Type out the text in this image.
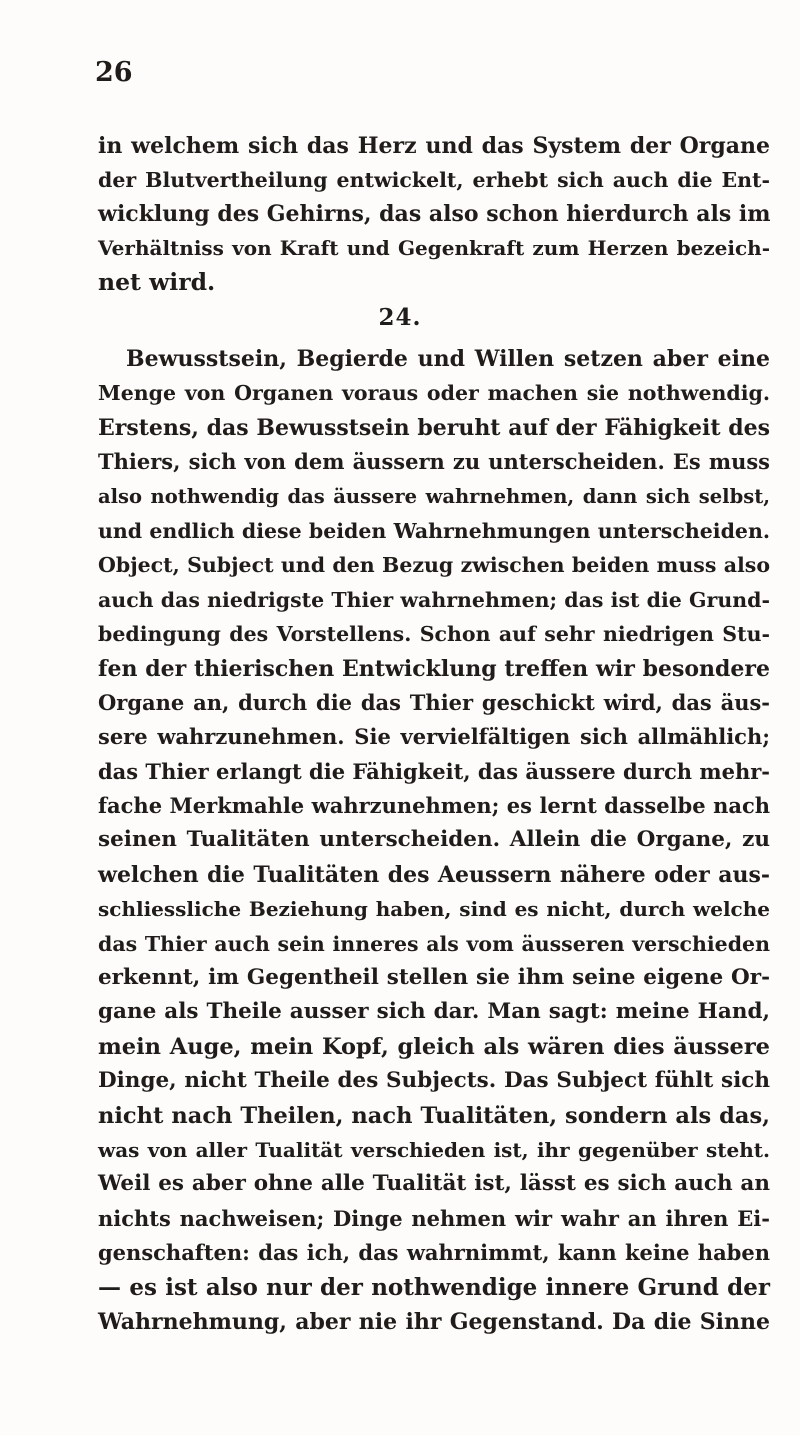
26
in welchem sich das Herz und das System der Organe
der Blutvertheilung entwickelt, erhebt sich auch die Ent-
wicklung des Gehirns, das also schon hierdurch als im
Verhältniss von Kraft und Gegenkraft zum Herzen bezeich-
net wird.
24.
Bewusstsein, Begierde und Willen setzen aber eine
Menge von Organen voraus oder machen sie nothwendig.
Erstens, das Bewusstsein beruht auf der Fähigkeit des
Thiers, sich von dem äussern zu unterscheiden. Es muss
also nothwendig das äussere wahrnehmen, dann sich selbst,
und endlich diese beiden Wahrnehmungen unterscheiden.
Object, Subject und den Bezug zwischen beiden muss also
auch das niedrigste Thier wahrnehmen; das ist die Grund-
bedingung des Vorstellens. Schon auf sehr niedrigen Stu-
fen der thierischen Entwicklung treffen wir besondere
Organe an, durch die das Thier geschickt wird, das äus-
sere wahrzunehmen. Sie vervielfältigen sich allmählich;
das Thier erlangt die Fähigkeit, das äussere durch mehr-
fache Merkmahle wahrzunehmen; es lernt dasselbe nach
seinen Tualitäten unterscheiden. Allein die Organe, zu
welchen die Tualitäten des Aeussern nähere oder aus-
schliessliche Beziehung haben, sind es nicht, durch welche
das Thier auch sein inneres als vom äusseren verschieden
erkennt, im Gegentheil stellen sie ihm seine eigene Or-
gane als Theile ausser sich dar. Man sagt: meine Hand,
mein Auge, mein Kopf, gleich als wären dies äussere
Dinge, nicht Theile des Subjects. Das Subject fühlt sich
nicht nach Theilen, nach Tualitäten, sondern als das,
was von aller Tualität verschieden ist, ihr gegenüber steht.
Weil es aber ohne alle Tualität ist, lässt es sich auch an
nichts nachweisen; Dinge nehmen wir wahr an ihren Ei-
genschaften: das ich, das wahrnimmt, kann keine haben
— es ist also nur der nothwendige innere Grund der
Wahrnehmung, aber nie ihr Gegenstand. Da die Sinne
